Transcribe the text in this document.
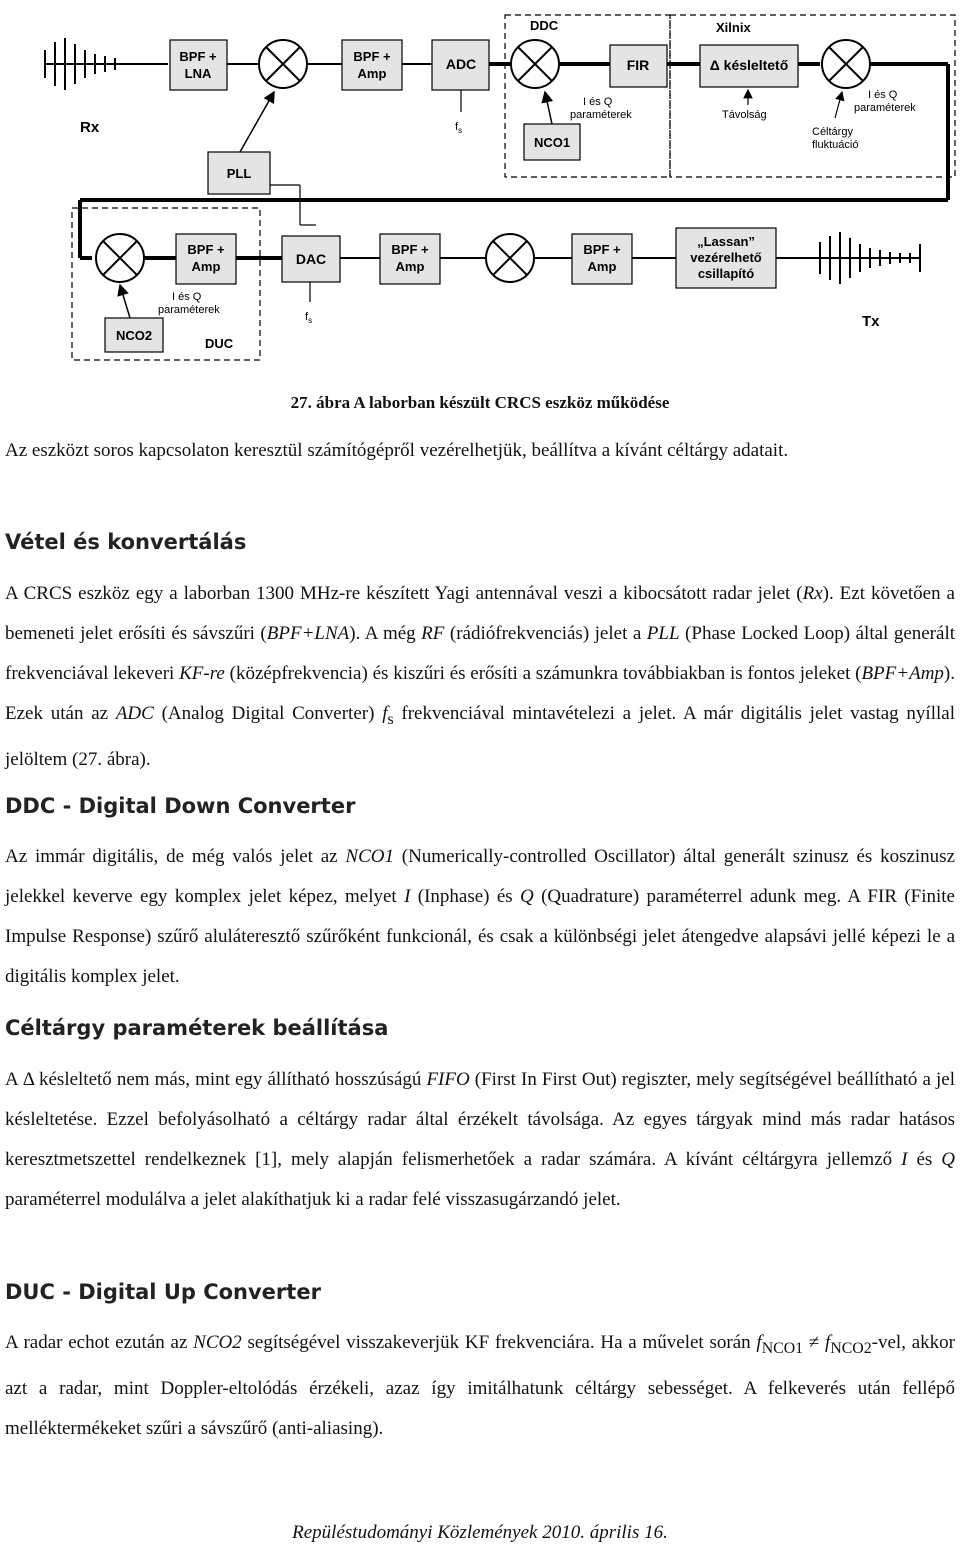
Rx
BPF +
LNA
BPF +
Amp
ADC
DDC	Xilnix
FIR	Δ késleltető
NCO1
PLL
DUC
NCO2
DAC
BPF +
Amp
BPF +
Amp
BPF +
Amp
„Lassan”
vezérelhető
csillapító
Tx
$f_s$
$f_s$
I és Q
paraméterek	Távolság
I és Q
paraméterek
Céltárgy
fluktuáció
I és Q
paraméterek
27. ábra A laborban készült CRCS eszköz működése

Az eszközt soros kapcsolaton keresztül számítógépről vezérelhetjük, beállítva a kívánt céltárgy adatait.

Vétel és konvertálás

A CRCS eszköz egy a laborban 1300 MHz-re készített Yagi antennával veszi a kibocsátott radar jelet (Rx). Ezt követően a bemeneti jelet erősíti és sávszűri (BPF+LNA). A még RF (rádiófrekvenciás) jelet a PLL (Phase Locked Loop) által generált frekvenciával lekeveri KF-re (középfrekvencia) és kiszűri és erősíti a számunkra továbbiakban is fontos jeleket (BPF+Amp). Ezek után az ADC (Analog Digital Converter) $f_s$ frekvenciával mintavételezi a jelet. A már digitális jelet vastag nyíllal jelöltem (27. ábra).

DDC - Digital Down Converter

Az immár digitális, de még valós jelet az NCO1 (Numerically-controlled Oscillator) által generált szinusz és koszinusz jelekkel keverve egy komplex jelet képez, melyet I (Inphase) és Q (Quadrature) paraméterrel adunk meg. A FIR (Finite Impulse Response) szűrő aluláteresztő szűrőként funkcionál, és csak a különbségi jelet átengedve alapsávi jellé képezi le a digitális komplex jelet.

Céltárgy paraméterek beállítása

A Δ késleltető nem más, mint egy állítható hosszúságú FIFO (First In First Out) regiszter, mely segítségével beállítható a jel késleltetése. Ezzel befolyásolható a céltárgy radar által érzékelt távolsága. Az egyes tárgyak mind más radar hatásos keresztmetszettel rendelkeznek [1], mely alapján felismerhetőek a radar számára. A kívánt céltárgyra jellemző I és Q paraméterrel modulálva a jelet alakíthatjuk ki a radar felé visszasugárzandó jelet.

DUC - Digital Up Converter

A radar echot ezután az NCO2 segítségével visszakeverjük KF frekvenciára. Ha a művelet során $f_{NCO1} \ne f_{NCO2}-vel$, akkor azt a radar, mint Doppler-eltolódás érzékeli, azaz így imitálhatunk céltárgy sebességet. A felkeverés után fellépő melléktermékeket szűri a sávszűrő (anti-aliasing).

Repüléstudományi Közlemények 2010. április 16.
